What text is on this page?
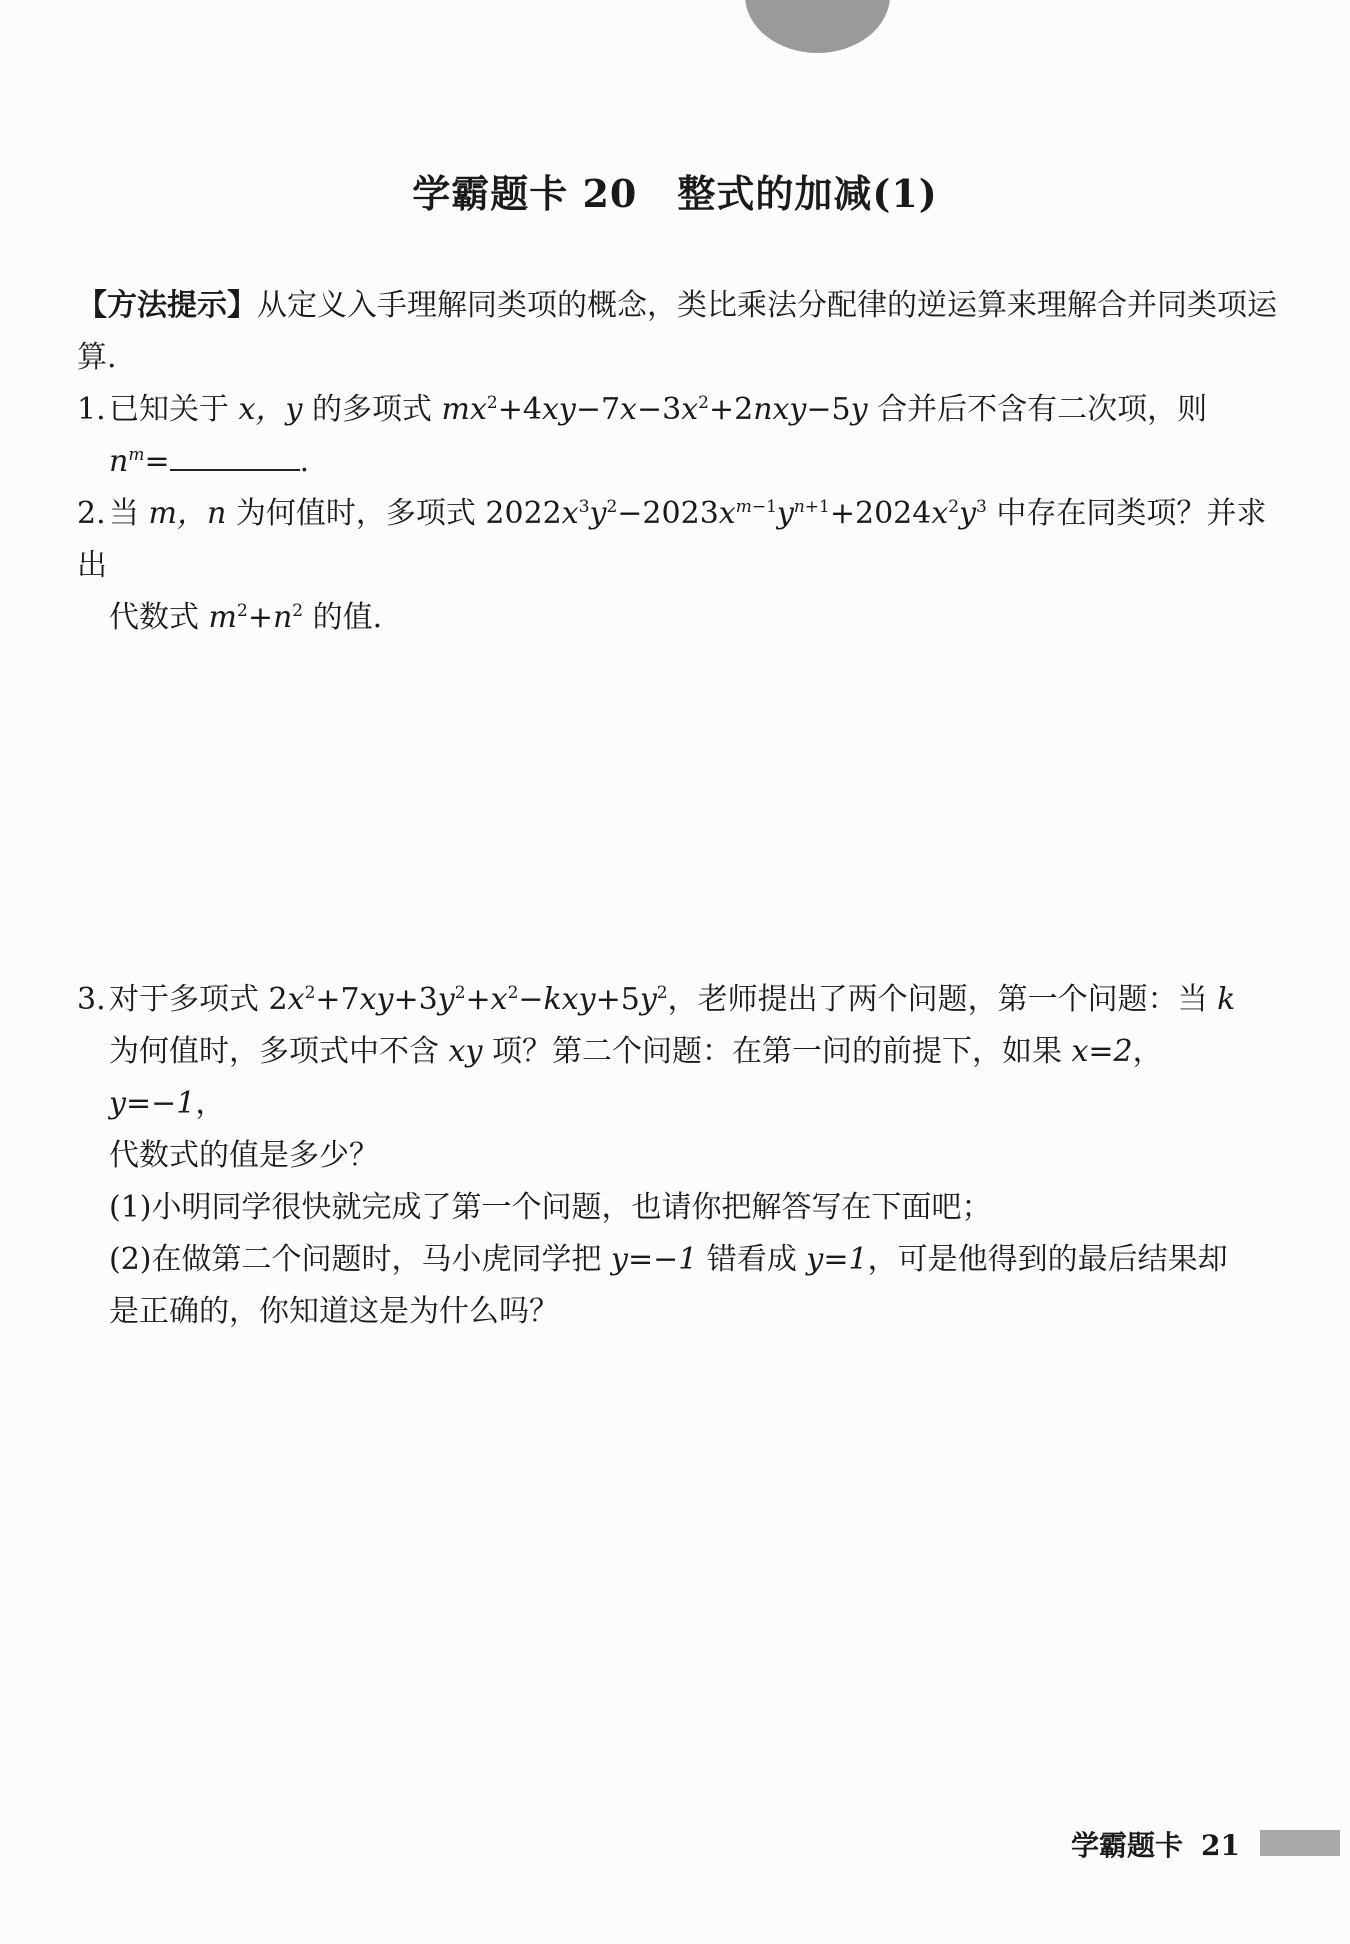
学霸题卡 20 整式的加减(1)

【方法提示】从定义入手理解同类项的概念，类比乘法分配律的逆运算来理解合并同类项运算.

1. 已知关于 x，y 的多项式 $mx^2+4xy-7x-3x^2+2nxy-5y$ 合并后不含有二次项，则

$n^m=$	.

2. 当 m，n 为何值时，多项式 $2022x^3y^2-2023x^{m-1}y^{n+1}+2024x^2y^3$ 中存在同类项？并求出

代数式 $m^2+n^2$ 的值.

3. 对于多项式 $2x^2+7xy+3y^2+x^2-kxy+5y^2$，老师提出了两个问题，第一个问题：当 k

为何值时，多项式中不含 xy 项？第二个问题：在第一问的前提下，如果 x=2，y=−1，

代数式的值是多少？

(1)小明同学很快就完成了第一个问题，也请你把解答写在下面吧；

(2)在做第二个问题时，马小虎同学把 y=−1 错看成 y=1，可是他得到的最后结果却

是正确的，你知道这是为什么吗？

学霸题卡 21
